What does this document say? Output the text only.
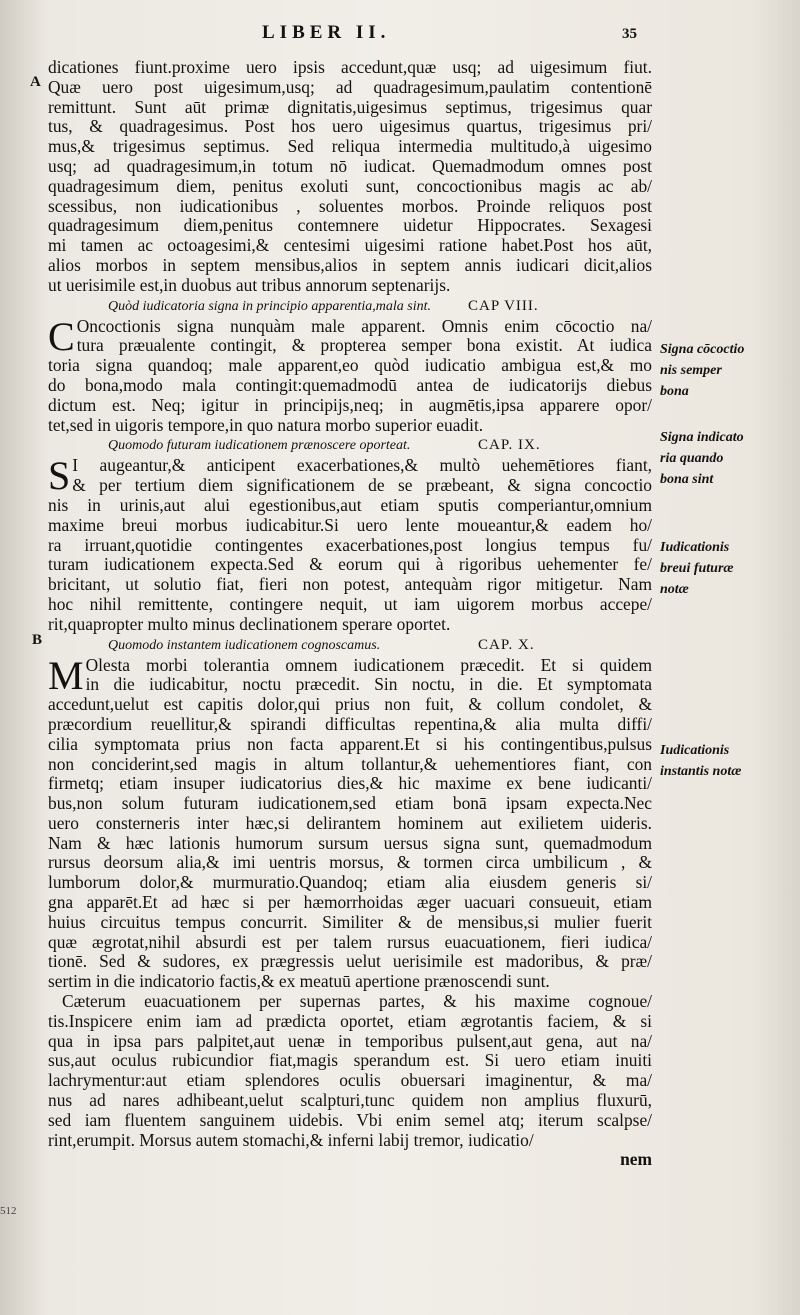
LIBER II.	35
A
B
512
dicationes fiunt.proxime uero ipsis accedunt,quæ usq; ad uigesimum fiut.
Quæ uero post uigesimum,usq; ad quadragesimum,paulatim contentionē
remittunt. Sunt aūt primæ dignitatis,uigesimus septimus, trigesimus quar
tus, & quadragesimus. Post hos uero uigesimus quartus, trigesimus pri/
mus,& trigesimus septimus. Sed reliqua intermedia multitudo,à uigesimo
usq; ad quadragesimum,in totum nō iudicat. Quemadmodum omnes post
quadragesimum diem, penitus exoluti sunt, concoctionibus magis ac ab/
scessibus, non iudicationibus , soluentes morbos. Proinde reliquos post
quadragesimum diem,penitus contemnere uidetur Hippocrates. Sexagesi
mi tamen ac octoagesimi,& centesimi uigesimi ratione habet.Post hos aūt,
alios morbos in septem mensibus,alios in septem annis iudicari dicit,alios
ut uerisimile est,in duobus aut tribus annorum septenarijs.
Quòd iudicatoria signa in principio apparentia,mala sint. CAP VIII.
C Oncoctionis signa nunquàm male apparent. Omnis enim cōcoctio na/
tura præualente contingit, & propterea semper bona existit. At iudica
toria signa quandoq; male apparent,eo quòd iudicatio ambigua est,& mo
do bona,modo mala contingit:quemadmodū antea de iudicatorijs diebus
dictum est. Neq; igitur in principijs,neq; in augmētis,ipsa apparere opor/
tet,sed in uigoris tempore,in quo natura morbo superior euadit.
Quomodo futuram iudicationem prænoscere oporteat.	CAP. IX.
S I augeantur,& anticipent exacerbationes,& multò uehemētiores fiant,
& per tertium diem significationem de se præbeant, & signa concoctio
nis in urinis,aut alui egestionibus,aut etiam sputis comperiantur,omnium
maxime breui morbus iudicabitur.Si uero lente moueantur,& eadem ho/
ra irruant,quotidie contingentes exacerbationes,post longius tempus fu/
turam iudicationem expecta.Sed & eorum qui à rigoribus uehementer fe/
bricitant, ut solutio fiat, fieri non potest, antequàm rigor mitigetur. Nam
hoc nihil remittente, contingere nequit, ut iam uigorem morbus accepe/
rit,quapropter multo minus declinationem sperare oportet.
Quomodo instantem iudicationem cognoscamus.	CAP. X.
M Olesta morbi tolerantia omnem iudicationem præcedit. Et si quidem
in die iudicabitur, noctu præcedit. Sin noctu, in die. Et symptomata
accedunt,uelut est capitis dolor,qui prius non fuit, & collum condolet, &
præcordium reuellitur,& spirandi difficultas repentina,& alia multa diffi/
cilia symptomata prius non facta apparent.Et si his contingentibus,pulsus
non conciderint,sed magis in altum tollantur,& uehementiores fiant, con
firmetq; etiam insuper iudicatorius dies,& hic maxime ex bene iudicanti/
bus,non solum futuram iudicationem,sed etiam bonā ipsam expecta.Nec
uero consterneris inter hæc,si delirantem hominem aut exilietem uideris.
Nam & hæc lationis humorum sursum uersus signa sunt, quemadmodum
rursus deorsum alia,& imi uentris morsus, & tormen circa umbilicum , &
lumborum dolor,& murmuratio.Quandoq; etiam alia eiusdem generis si/
gna apparēt.Et ad hæc si per hæmorrhoidas æger uacuari consueuit, etiam
huius circuitus tempus concurrit. Similiter & de mensibus,si mulier fuerit
quæ ægrotat,nihil absurdi est per talem rursus euacuationem, fieri iudica/
tionē. Sed & sudores, ex prægressis uelut uerisimile est madoribus, & præ/
sertim in die indicatorio factis,& ex meatuū apertione prænoscendi sunt.
Cæterum euacuationem per supernas partes, & his maxime cognoue/
tis.Inspicere enim iam ad prædicta oportet, etiam ægrotantis faciem, & si
qua in ipsa pars palpitet,aut uenæ in temporibus pulsent,aut gena, aut na/
sus,aut oculus rubicundior fiat,magis sperandum est. Si uero etiam inuiti
lachrymentur:aut etiam splendores oculis obuersari imaginentur, & ma/
nus ad nares adhibeant,uelut scalpturi,tunc quidem non amplius fluxurū,
sed iam fluentem sanguinem uidebis. Vbi enim semel atq; iterum scalpse/
rint,erumpit. Morsus autem stomachi,& inferni labij tremor, iudicatio/
nem
Signa cōcoctio
nis semper
bona
Signa indicato
ria quando
bona sint
Iudicationis
breui futuræ
notæ
Iudicationis
instantis notæ
